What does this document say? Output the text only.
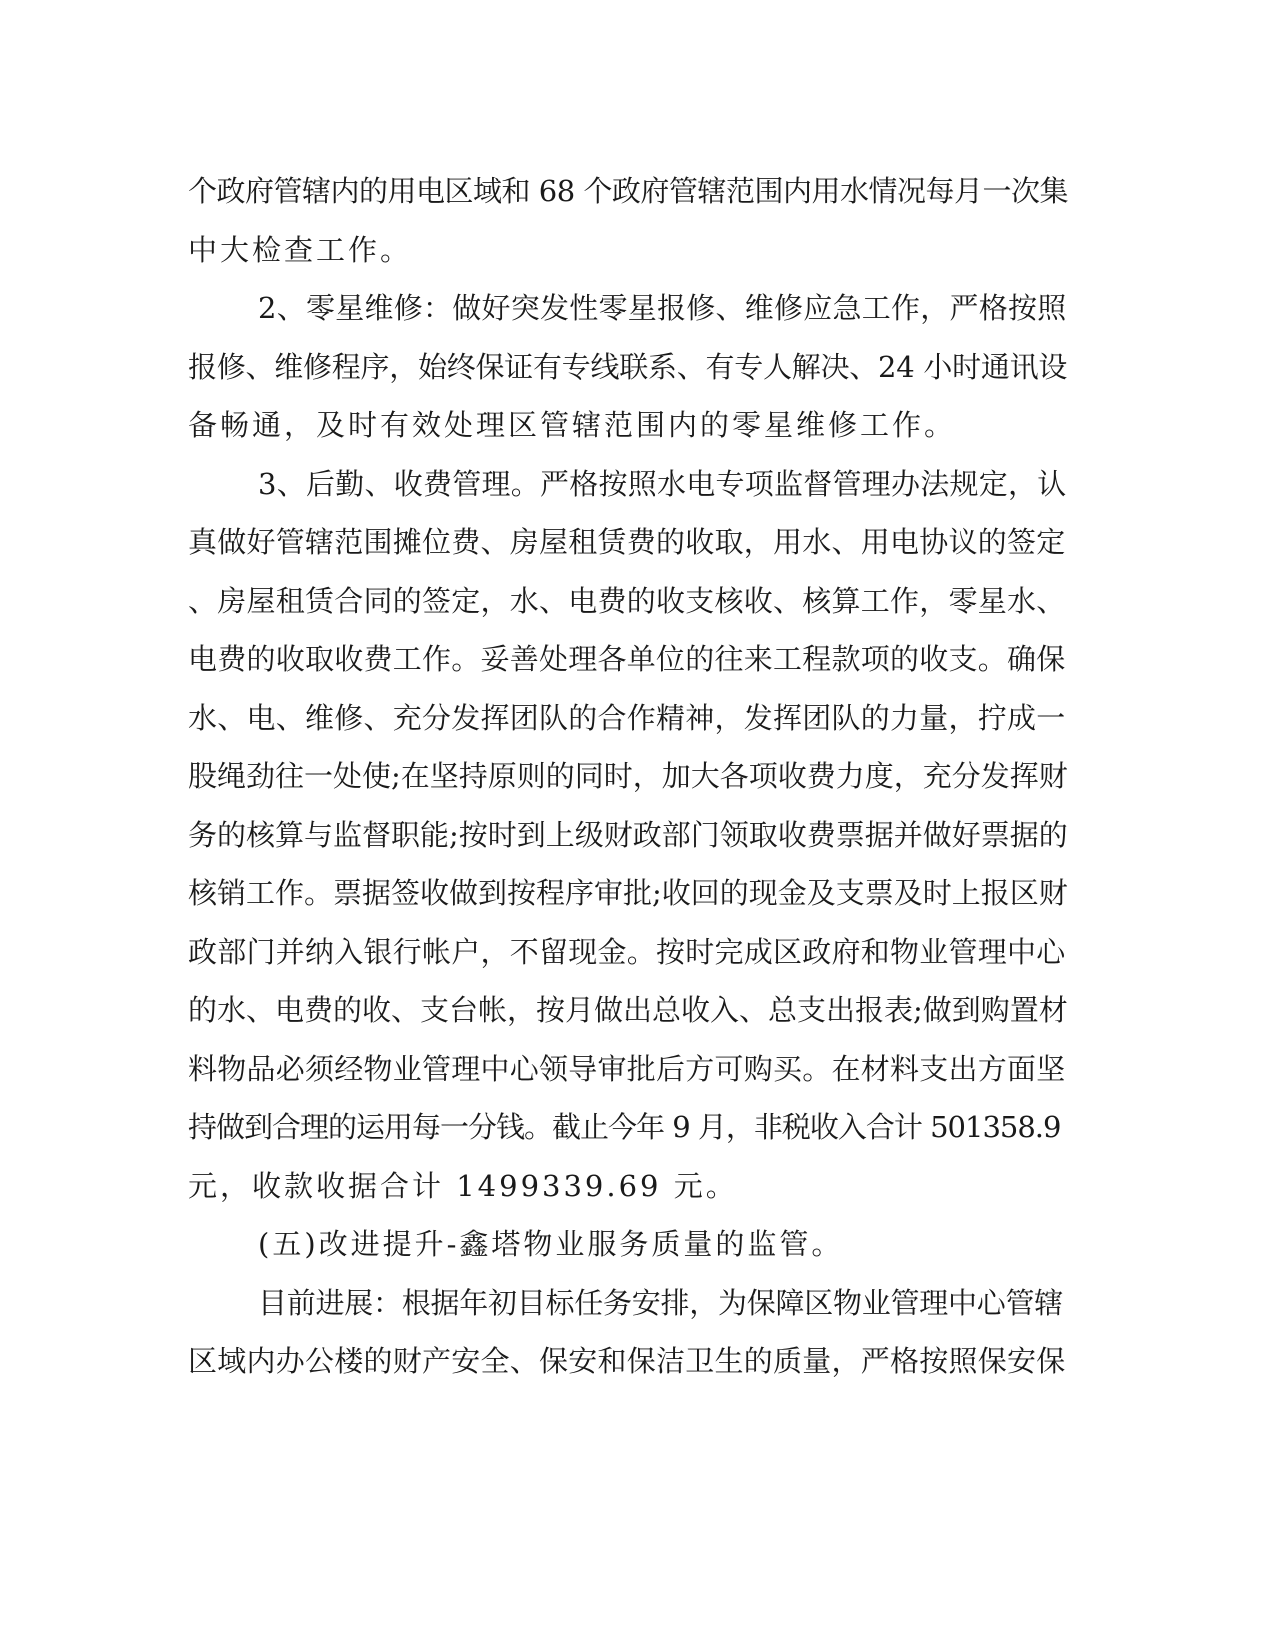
个政府管辖内的用电区域和 68 个政府管辖范围内用水情况每月一次集
中大检查工作。
2、零星维修：做好突发性零星报修、维修应急工作，严格按照
报修、维修程序，始终保证有专线联系、有专人解决、24 小时通讯设
备畅通，及时有效处理区管辖范围内的零星维修工作。
3、后勤、收费管理。严格按照水电专项监督管理办法规定，认
真做好管辖范围摊位费、房屋租赁费的收取，用水、用电协议的签定
、房屋租赁合同的签定，水、电费的收支核收、核算工作，零星水、
电费的收取收费工作。妥善处理各单位的往来工程款项的收支。确保
水、电、维修、充分发挥团队的合作精神，发挥团队的力量，拧成一
股绳劲往一处使;在坚持原则的同时，加大各项收费力度，充分发挥财
务的核算与监督职能;按时到上级财政部门领取收费票据并做好票据的
核销工作。票据签收做到按程序审批;收回的现金及支票及时上报区财
政部门并纳入银行帐户，不留现金。按时完成区政府和物业管理中心
的水、电费的收、支台帐，按月做出总收入、总支出报表;做到购置材
料物品必须经物业管理中心领导审批后方可购买。在材料支出方面坚
持做到合理的运用每一分钱。截止今年 9 月，非税收入合计 501358.9
元，收款收据合计 1499339.69 元。
(五)改进提升-鑫塔物业服务质量的监管。
目前进展：根据年初目标任务安排，为保障区物业管理中心管辖
区域内办公楼的财产安全、保安和保洁卫生的质量，严格按照保安保
